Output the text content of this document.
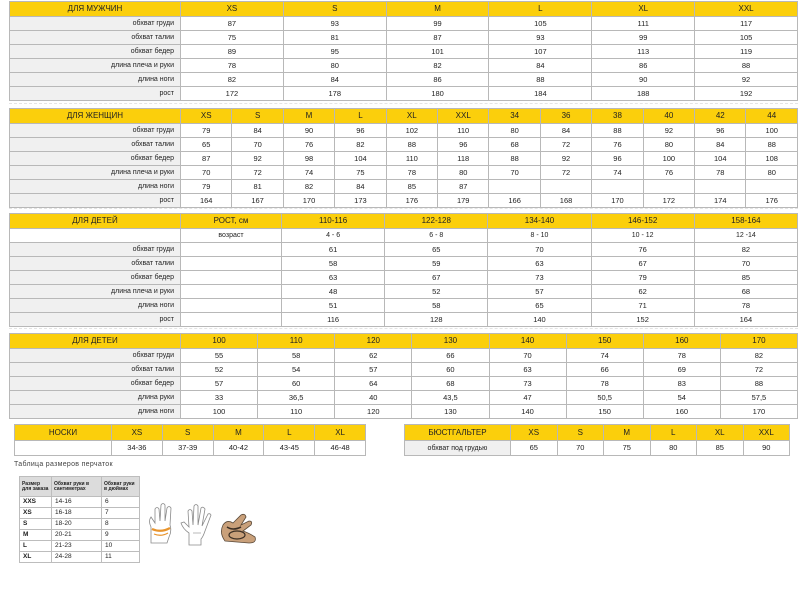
ДЛЯ МУЖЧИН	XS	S	M	L	XL	XXL
обхват груди	87	93	99	105	111	117
обхват талии	75	81	87	93	99	105
обхват бедер	89	95	101	107	113	119
длина плеча и руки	78	80	82	84	86	88
длина ноги	82	84	86	88	90	92
рост	172	178	180	184	188	192
ДЛЯ ЖЕНЩИН	XS	S	M	L	XL	XXL	34	36	38	40	42	44
обхват груди	79	84	90	96	102	110	80	84	88	92	96	100
обхват талии	65	70	76	82	88	96	68	72	76	80	84	88
обхват бедер	87	92	98	104	110	118	88	92	96	100	104	108
длина плеча и руки	70	72	74	75	78	80	70	72	74	76	78	80
длина ноги	79	81	82	84	85	87						
рост	164	167	170	173	176	179	166	168	170	172	174	176
ДЛЯ ДЕТЕЙ	РОСТ, см	110-116	122-128	134-140	146-152	158-164
	возраст	4 - 6	6 - 8	8 - 10	10 - 12	12 -14
обхват груди		61	65	70	76	82
обхват талии		58	59	63	67	70
обхват бедер		63	67	73	79	85
длина плеча и руки		48	52	57	62	68
длина ноги		51	58	65	71	78
рост		116	128	140	152	164
ДЛЯ ДЕТЕИ	100	110	120	130	140	150	160	170
обхват груди	55	58	62	66	70	74	78	82
обхват талии	52	54	57	60	63	66	69	72
обхват бедер	57	60	64	68	73	78	83	88
длина руки	33	36,5	40	43,5	47	50,5	54	57,5
длина ноги	100	110	120	130	140	150	160	170
НОСКИ	XS	S	M	L	XL
	34-36	37-39	40-42	43-45	46-48
БЮСТГАЛЬТЕР	XS	S	M	L	XL	XXL
обхват под грудью	65	70	75	80	85	90
Таблица размеров перчаток
Размер для заказа	Обхват руки в сантиметрах	Обхват руки в дюймах
XXS	14-16	6
XS	16-18	7
S	18-20	8
M	20-21	9
L	21-23	10
XL	24-28	11
